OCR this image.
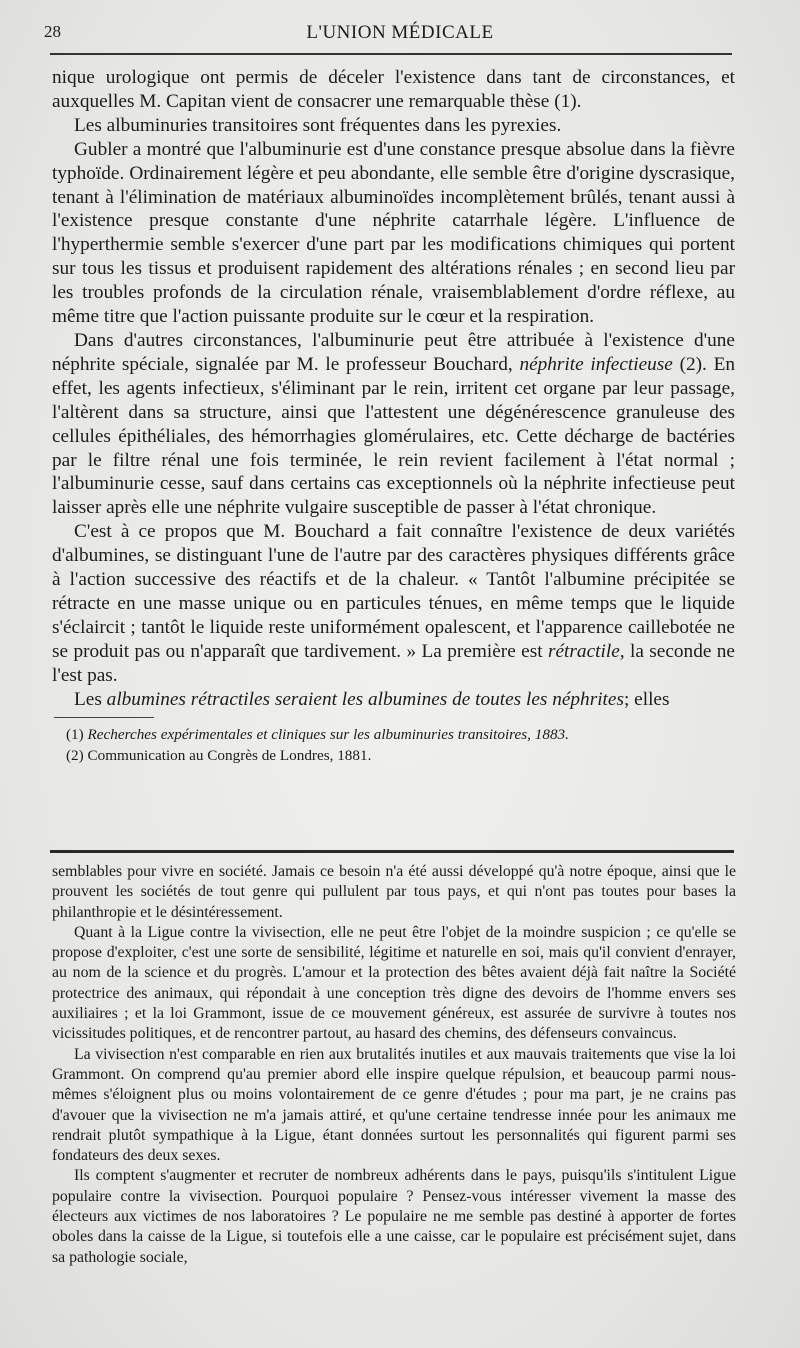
28	L'UNION MÉDICALE

nique urologique ont permis de déceler l'existence dans tant de circonstances, et auxquelles M. Capitan vient de consacrer une remarquable thèse (1).

Les albuminuries transitoires sont fréquentes dans les pyrexies.

Gubler a montré que l'albuminurie est d'une constance presque absolue dans la fièvre typhoïde. Ordinairement légère et peu abondante, elle semble être d'origine dyscrasique, tenant à l'élimination de matériaux albuminoïdes incomplètement brûlés, tenant aussi à l'existence presque constante d'une néphrite catarrhale légère. L'influence de l'hyperthermie semble s'exercer d'une part par les modifications chimiques qui portent sur tous les tissus et produisent rapidement des altérations rénales ; en second lieu par les troubles profonds de la circulation rénale, vraisemblablement d'ordre réflexe, au même titre que l'action puissante produite sur le cœur et la respiration.

Dans d'autres circonstances, l'albuminurie peut être attribuée à l'existence d'une néphrite spéciale, signalée par M. le professeur Bouchard, néphrite infectieuse (2). En effet, les agents infectieux, s'éliminant par le rein, irritent cet organe par leur passage, l'altèrent dans sa structure, ainsi que l'attestent une dégénérescence granuleuse des cellules épithéliales, des hémorrhagies glomérulaires, etc. Cette décharge de bactéries par le filtre rénal une fois terminée, le rein revient facilement à l'état normal ; l'albuminurie cesse, sauf dans certains cas exceptionnels où la néphrite infectieuse peut laisser après elle une néphrite vulgaire susceptible de passer à l'état chronique.

C'est à ce propos que M. Bouchard a fait connaître l'existence de deux variétés d'albumines, se distinguant l'une de l'autre par des caractères physiques différents grâce à l'action successive des réactifs et de la chaleur. « Tantôt l'albumine précipitée se rétracte en une masse unique ou en particules ténues, en même temps que le liquide s'éclaircit ; tantôt le liquide reste uniformément opalescent, et l'apparence caillebotée ne se produit pas ou n'apparaît que tardivement. » La première est rétractile, la seconde ne l'est pas.

Les albumines rétractiles seraient les albumines de toutes les néphrites; elles

(1) Recherches expérimentales et cliniques sur les albuminuries transitoires, 1883.
(2) Communication au Congrès de Londres, 1881.

semblables pour vivre en société. Jamais ce besoin n'a été aussi développé qu'à notre époque, ainsi que le prouvent les sociétés de tout genre qui pullulent par tous pays, et qui n'ont pas toutes pour bases la philanthropie et le désintéressement.

Quant à la Ligue contre la vivisection, elle ne peut être l'objet de la moindre suspicion ; ce qu'elle se propose d'exploiter, c'est une sorte de sensibilité, légitime et naturelle en soi, mais qu'il convient d'enrayer, au nom de la science et du progrès. L'amour et la protection des bêtes avaient déjà fait naître la Société protectrice des animaux, qui répondait à une conception très digne des devoirs de l'homme envers ses auxiliaires ; et la loi Grammont, issue de ce mouvement généreux, est assurée de survivre à toutes nos vicissitudes politiques, et de rencontrer partout, au hasard des chemins, des défenseurs convaincus.

La vivisection n'est comparable en rien aux brutalités inutiles et aux mauvais traitements que vise la loi Grammont. On comprend qu'au premier abord elle inspire quelque répulsion, et beaucoup parmi nous-mêmes s'éloignent plus ou moins volontairement de ce genre d'études ; pour ma part, je ne crains pas d'avouer que la vivisection ne m'a jamais attiré, et qu'une certaine tendresse innée pour les animaux me rendrait plutôt sympathique à la Ligue, étant données surtout les personnalités qui figurent parmi ses fondateurs des deux sexes.

Ils comptent s'augmenter et recruter de nombreux adhérents dans le pays, puisqu'ils s'intitulent Ligue populaire contre la vivisection. Pourquoi populaire ? Pensez-vous intéresser vivement la masse des électeurs aux victimes de nos laboratoires ? Le populaire ne me semble pas destiné à apporter de fortes oboles dans la caisse de la Ligue, si toutefois elle a une caisse, car le populaire est précisément sujet, dans sa pathologie sociale,
